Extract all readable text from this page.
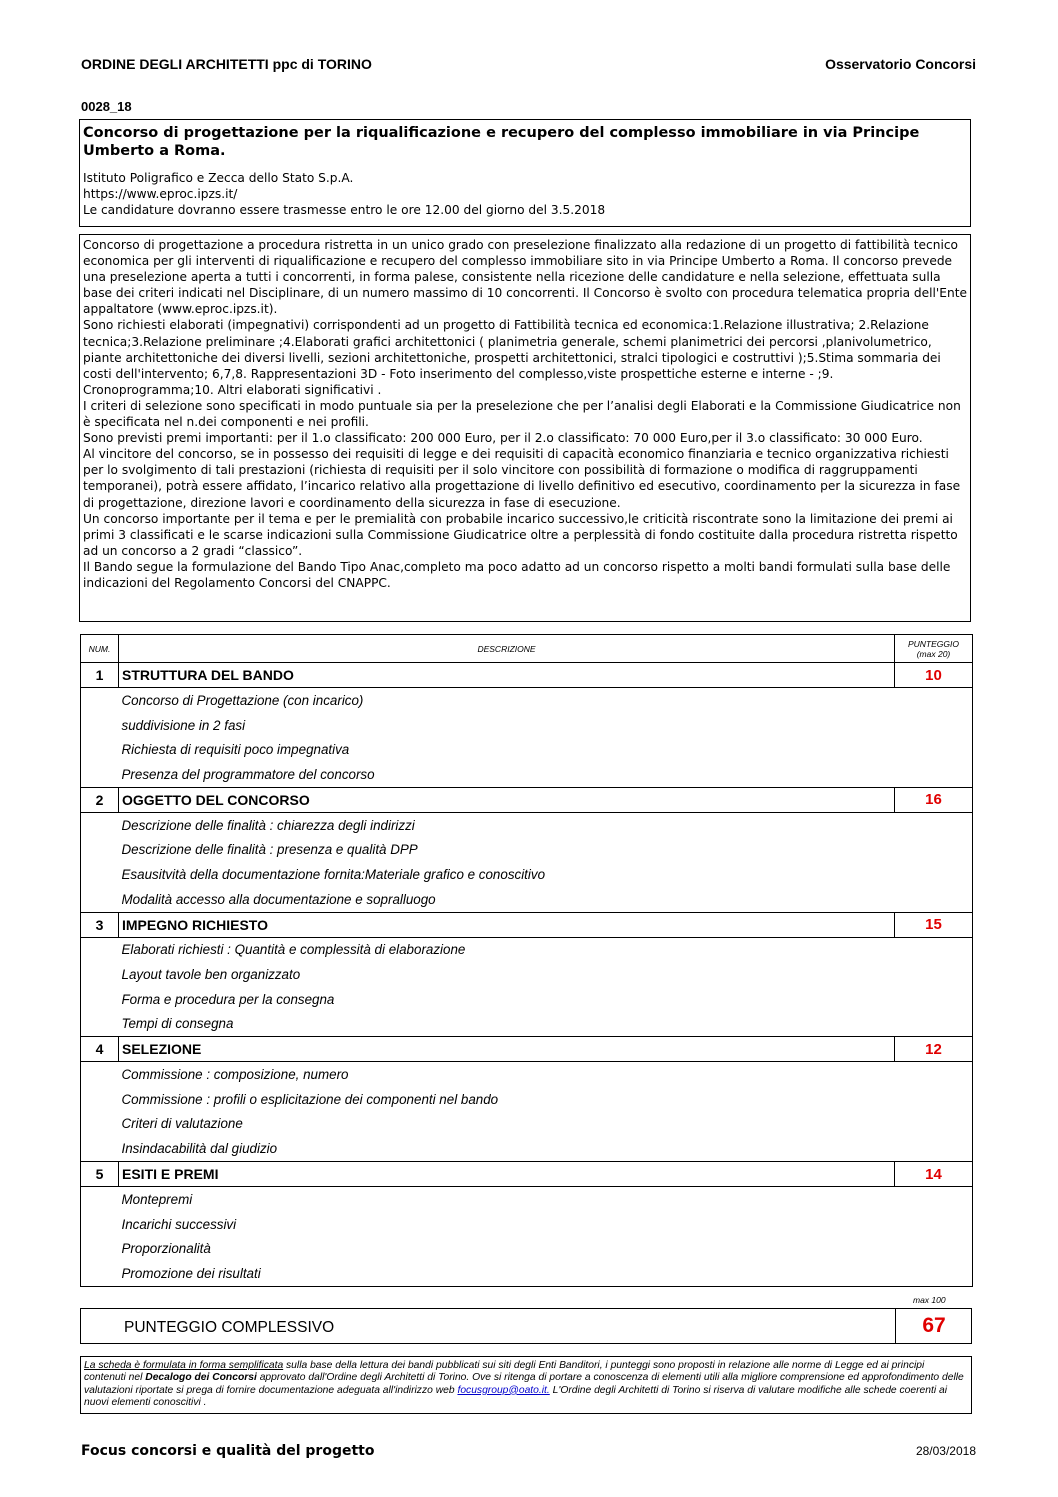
ORDINE DEGLI ARCHITETTI ppc di TORINO	Osservatorio Concorsi
0028_18
Concorso di progettazione per la riqualificazione e recupero del complesso immobiliare in via Principe Umberto a Roma.
Istituto Poligrafico e Zecca dello Stato S.p.A.
https://www.eproc.ipzs.it/
Le candidature dovranno essere trasmesse entro le ore 12.00 del giorno del 3.5.2018

Concorso di progettazione a procedura ristretta in un unico grado con preselezione finalizzato alla redazione di un progetto di fattibilità tecnico economica per gli interventi di riqualificazione e recupero del complesso immobiliare sito in via Principe Umberto a Roma. Il concorso prevede una preselezione aperta a tutti i concorrenti, in forma palese, consistente nella ricezione delle candidature e nella selezione, effettuata sulla base dei criteri indicati nel Disciplinare, di un numero massimo di 10 concorrenti. Il Concorso è svolto con procedura telematica propria dell'Ente appaltatore (www.eproc.ipzs.it).

Sono richiesti elaborati (impegnativi) corrispondenti ad un progetto di Fattibilità tecnica ed economica:1.Relazione illustrativa; 2.Relazione tecnica;3.Relazione preliminare ;4.Elaborati grafici architettonici ( planimetria generale, schemi planimetrici dei percorsi ,planivolumetrico, piante architettoniche dei diversi livelli, sezioni architettoniche, prospetti architettonici, stralci tipologici e costruttivi );5.Stima sommaria dei costi dell'intervento; 6,7,8. Rappresentazioni 3D - Foto inserimento del complesso,viste prospettiche esterne e interne - ;9. Cronoprogramma;10. Altri elaborati significativi .

I criteri di selezione sono specificati in modo puntuale sia per la preselezione che per l’analisi degli Elaborati e la Commissione Giudicatrice non è specificata nel n.dei componenti e nei profili.

Sono previsti premi importanti: per il 1.o classificato: 200 000 Euro, per il 2.o classificato: 70 000 Euro,per il 3.o classificato: 30 000 Euro.

Al vincitore del concorso, se in possesso dei requisiti di legge e dei requisiti di capacità economico finanziaria e tecnico organizzativa richiesti per lo svolgimento di tali prestazioni (richiesta di requisiti per il solo vincitore con possibilità di formazione o modifica di raggruppamenti temporanei), potrà essere affidato, l’incarico relativo alla progettazione di livello definitivo ed esecutivo, coordinamento per la sicurezza in fase di progettazione, direzione lavori e coordinamento della sicurezza in fase di esecuzione.

Un concorso importante per il tema e per le premialità con probabile incarico successivo,le criticità riscontrate sono la limitazione dei premi ai primi 3 classificati e le scarse indicazioni sulla Commissione Giudicatrice oltre a perplessità di fondo costituite dalla procedura ristretta rispetto ad un concorso a 2 gradi “classico”.

Il Bando segue la formulazione del Bando Tipo Anac,completo ma poco adatto ad un concorso rispetto a molti bandi formulati sulla base delle indicazioni del Regolamento Concorsi del CNAPPC.

NUM.	DESCRIZIONE	PUNTEGGIO
(max 20)
1	STRUTTURA DEL BANDO	10
	Concorso di Progettazione (con incarico)	
	suddivisione in 2 fasi	
	Richiesta di requisiti poco impegnativa	
	Presenza del programmatore del concorso	
2	OGGETTO DEL CONCORSO	16
	Descrizione delle finalità : chiarezza degli indirizzi	
	Descrizione delle finalità : presenza e qualità DPP	
	Esausitvità della documentazione fornita:Materiale grafico e conoscitivo	
	Modalità accesso alla documentazione e sopralluogo	
3	IMPEGNO RICHIESTO	15
	Elaborati richiesti : Quantità e complessità di elaborazione	
	Layout tavole ben organizzato	
	Forma e procedura per la consegna	
	Tempi di consegna	
4	SELEZIONE	12
	Commissione : composizione, numero	
	Commissione : profili o esplicitazione dei componenti nel bando	
	Criteri di valutazione	
	Insindacabilità dal giudizio	
5	ESITI E PREMI	14
	Montepremi	
	Incarichi successivi	
	Proporzionalità	
	Promozione dei risultati	
max 100
PUNTEGGIO COMPLESSIVO	67
La scheda è formulata in forma semplificata sulla base della lettura dei bandi pubblicati sui siti degli Enti Banditori, i punteggi sono proposti in relazione alle norme di Legge ed ai principi contenuti nel Decalogo dei Concorsi approvato dall'Ordine degli Architetti di Torino. Ove si ritenga di portare a conoscenza di elementi utili alla migliore comprensione ed approfondimento delle valutazioni riportate si prega di fornire documentazione adeguata all'indirizzo web focusgroup@oato.it. L'Ordine degli Architetti di Torino si riserva di valutare modifiche alle schede coerenti ai nuovi elementi conoscitivi .
Focus concorsi e qualità del progetto	28/03/2018
